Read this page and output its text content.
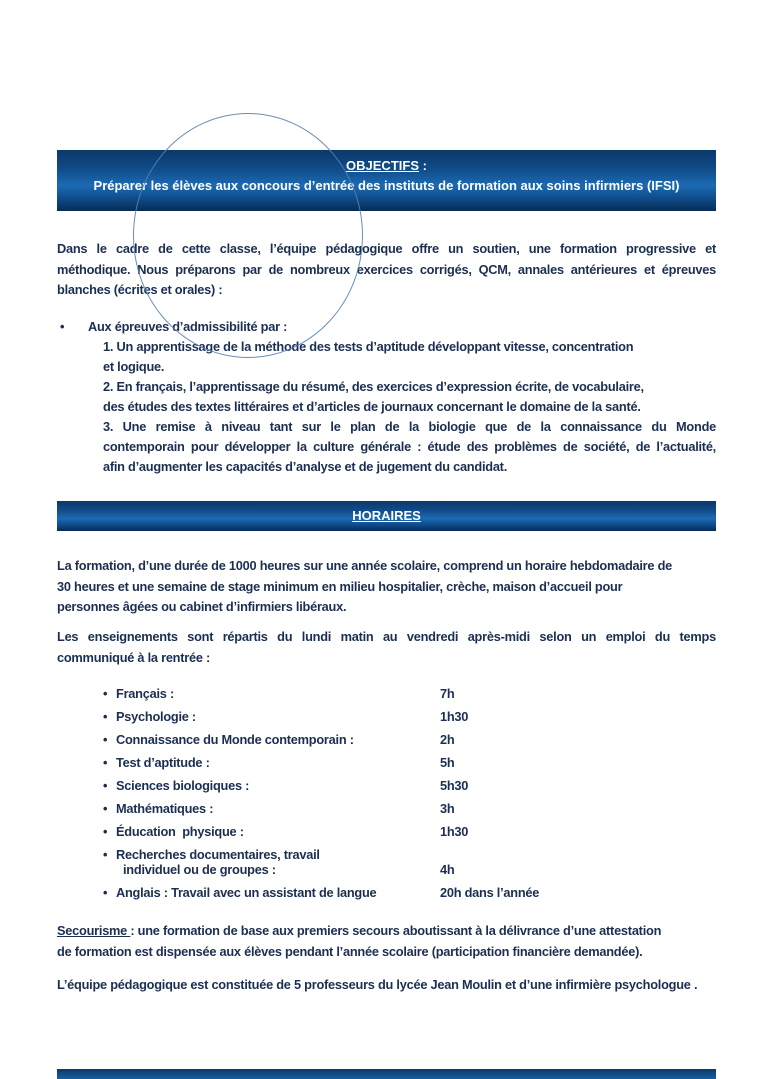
OBJECTIFS :
Préparer les élèves aux concours d’entrée des instituts de formation aux soins infirmiers (IFSI)
Dans le cadre de cette classe, l’équipe pédagogique offre un soutien, une formation progressive et
méthodique. Nous préparons par de nombreux exercices corrigés, QCM, annales antérieures et épreuves
blanches (écrites et orales) :
• Aux épreuves d’admissibilité par :
1. Un apprentissage de la méthode des tests d’aptitude développant vitesse, concentration
et logique.
2. En français, l’apprentissage du résumé, des exercices d’expression écrite, de vocabulaire,
des études des textes littéraires et d’articles de journaux concernant le domaine de la santé.
3. Une remise à niveau tant sur le plan de la biologie que de la connaissance du Monde
contemporain pour développer la culture générale : étude des problèmes de société, de l’actualité,
afin d’augmenter les capacités d’analyse et de jugement du candidat.
HORAIRES
La formation, d’une durée de 1000 heures sur une année scolaire, comprend un horaire hebdomadaire de
30 heures et une semaine de stage minimum en milieu hospitalier, crèche, maison d’accueil pour
personnes âgées ou cabinet d’infirmiers libéraux.
Les enseignements sont répartis du lundi matin au vendredi après-midi selon un emploi du temps
communiqué à la rentrée :
• Français :	7h
• Psychologie :	1h30
• Connaissance du Monde contemporain :	2h
• Test d’aptitude :	5h
• Sciences biologiques :	5h30
• Mathématiques :	3h
• Éducation  physique :	1h30
• Recherches documentaires, travail
individuel ou de groupes :	4h
• Anglais : Travail avec un assistant de langue	20h dans l’année
Secourisme : une formation de base aux premiers secours aboutissant à la délivrance d’une attestation
de formation est dispensée aux élèves pendant l’année scolaire (participation financière demandée).
L’équipe pédagogique est constituée de 5 professeurs du lycée Jean Moulin et d’une infirmière psychologue .
